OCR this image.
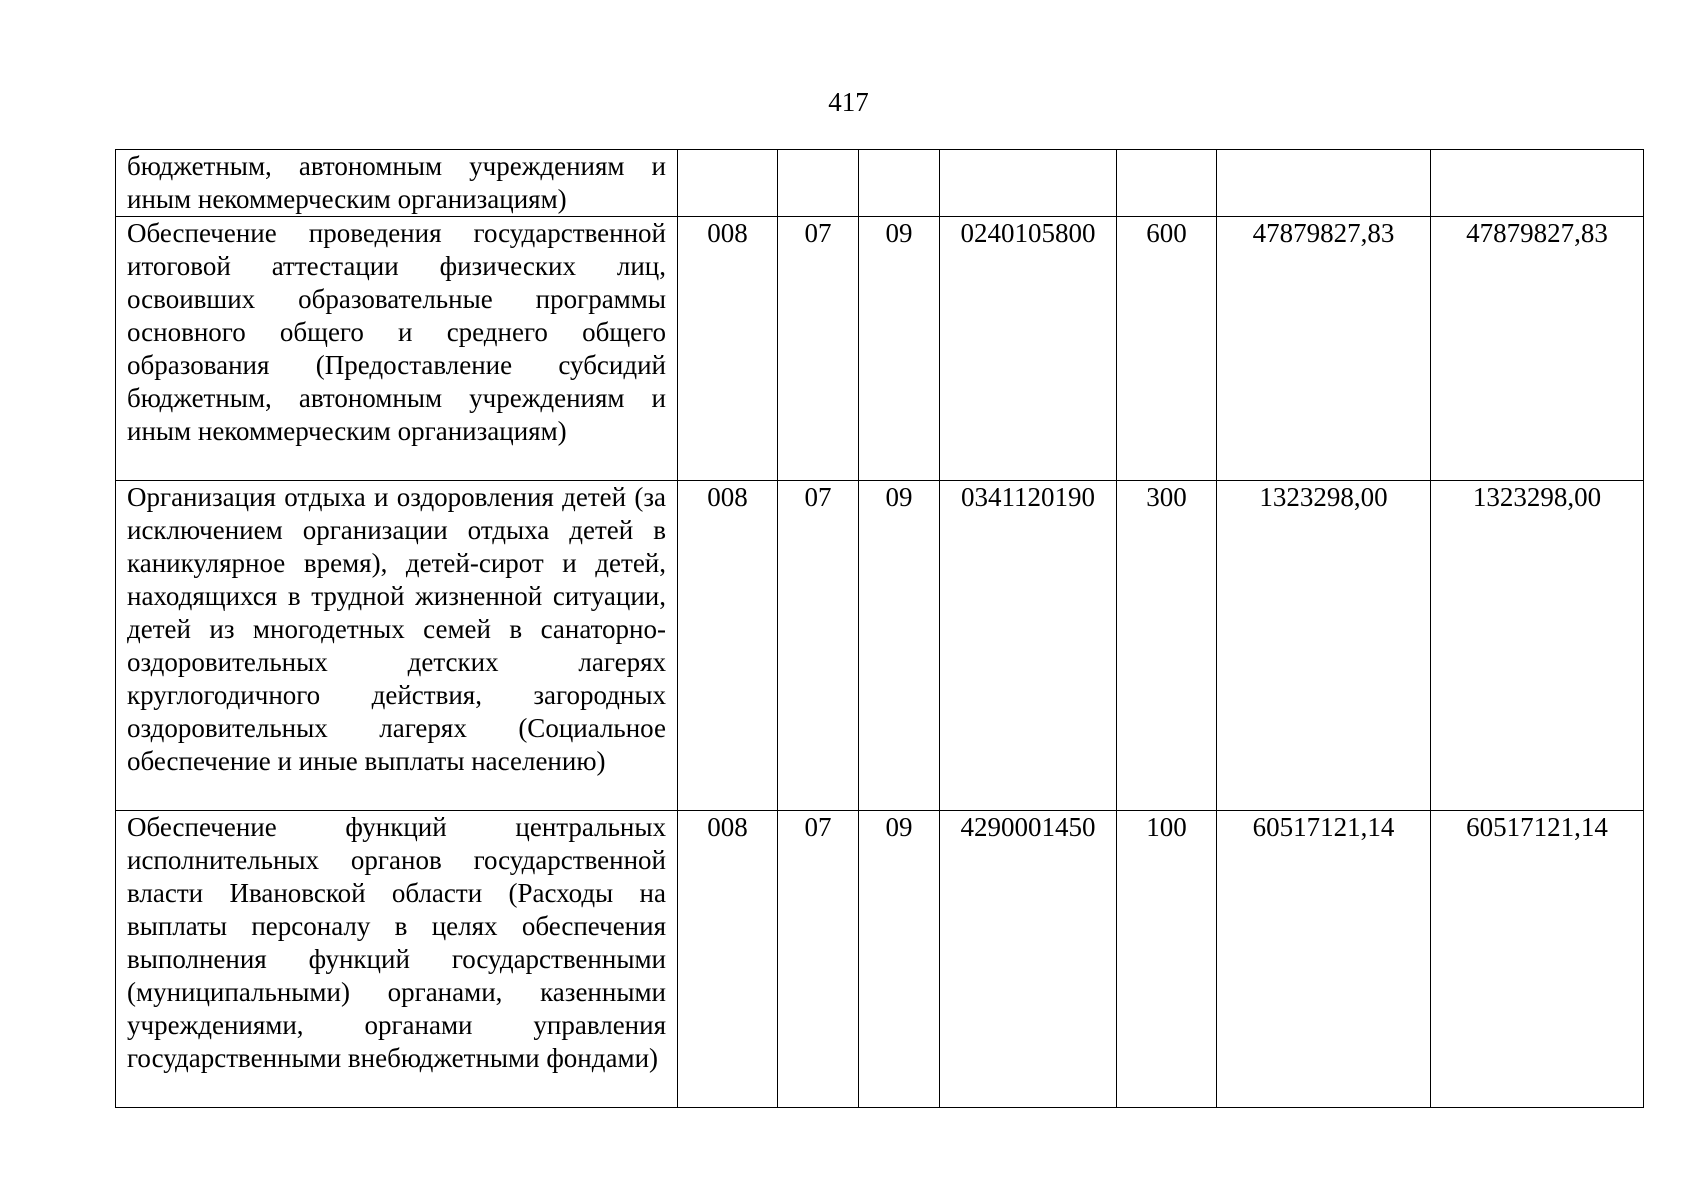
417
бюджетным, автономным учреждениям и иным некоммерческим организациям)							
Обеспечение проведения государственной итоговой аттестации физических лиц, освоивших образовательные программы основного общего и среднего общего образования (Предоставление субсидий бюджетным, автономным учреждениям и иным некоммерческим организациям)	008	07	09	0240105800	600	47879827,83	47879827,83
Организация отдыха и оздоровления детей (за исключением организации отдыха детей в каникулярное время), детей-сирот и детей, находящихся в трудной жизненной ситуации, детей из многодетных семей в санаторно-оздоровительных детских лагерях круглогодичного действия, загородных оздоровительных лагерях (Социальное обеспечение и иные выплаты населению)	008	07	09	0341120190	300	1323298,00	1323298,00
Обеспечение функций центральных исполнительных органов государственной власти Ивановской области (Расходы на выплаты персоналу в целях обеспечения выполнения функций государственными (муниципальными) органами, казенными учреждениями, органами управления государственными внебюджетными фондами)	008	07	09	4290001450	100	60517121,14	60517121,14
